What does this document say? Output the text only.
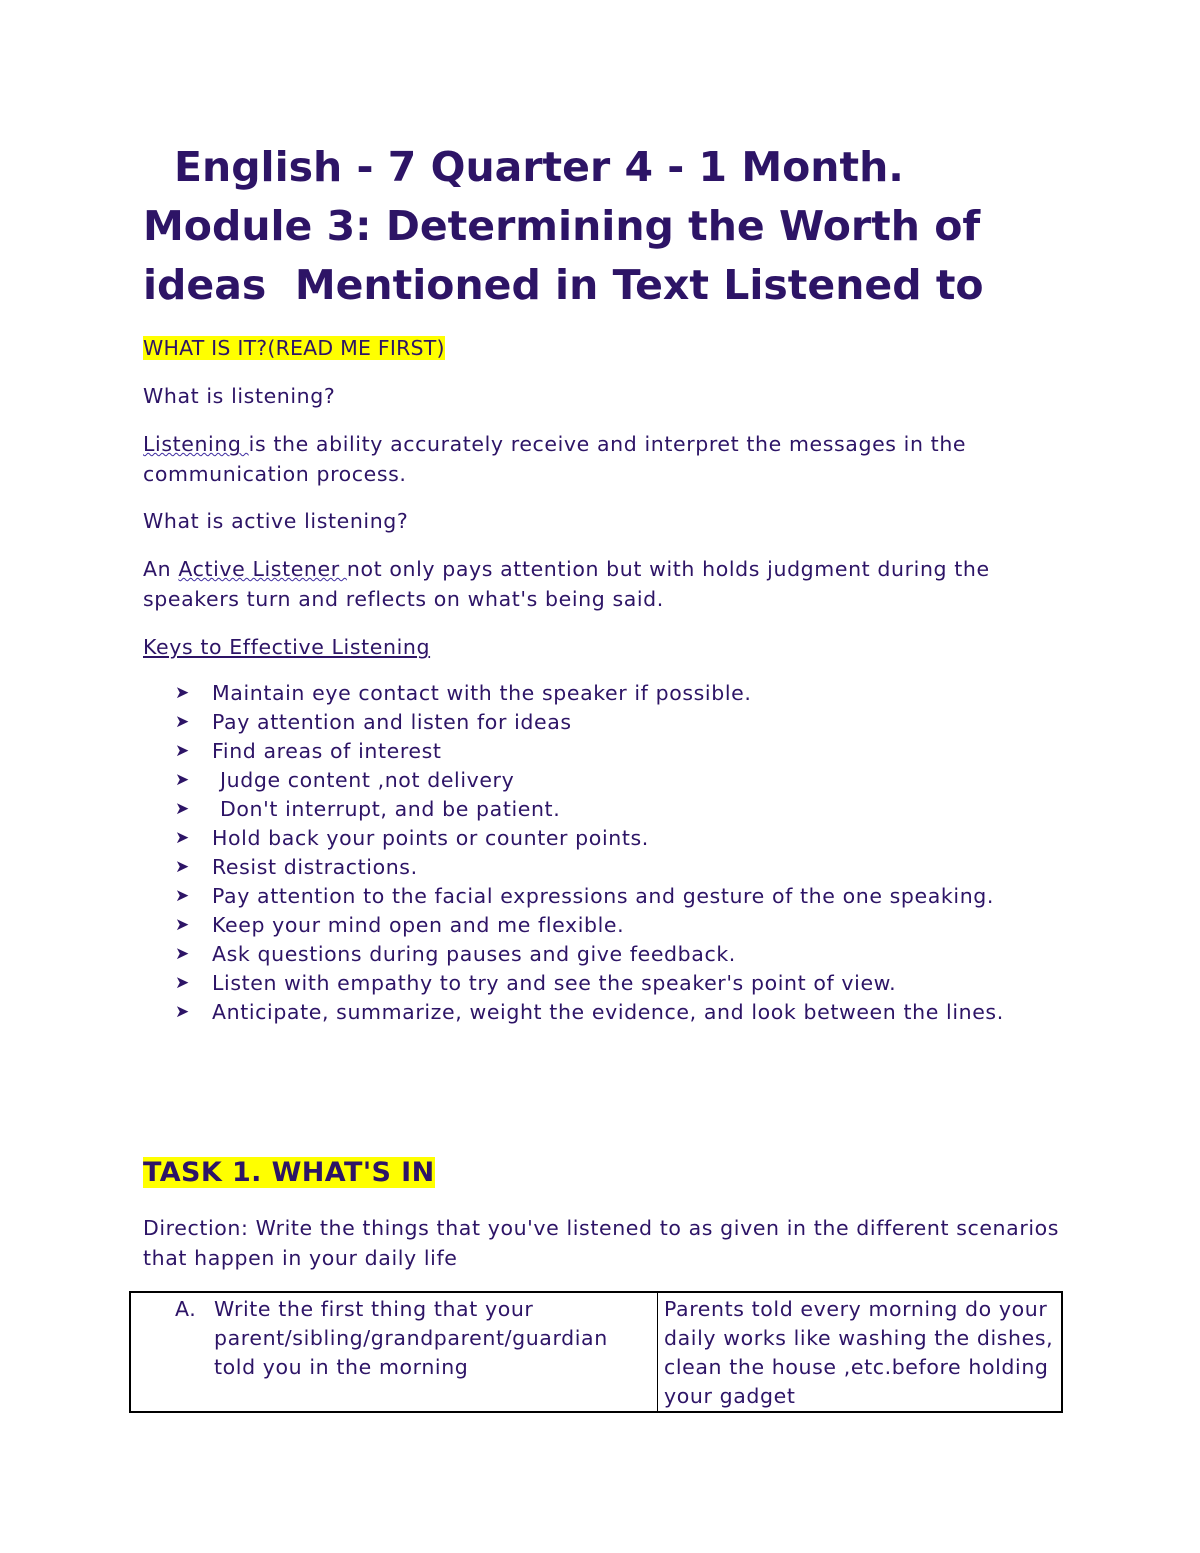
English - 7 Quarter 4 - 1 Month.
Module 3: Determining the Worth of
ideas  Mentioned in Text Listened to

WHAT IS IT?(READ ME FIRST)

What is listening?

Listening is the ability accurately receive and interpret the messages in the communication process.

What is active listening?

An Active Listener not only pays attention but with holds judgment during the speakers turn and reflects on what's being said.

Keys to Effective Listening

➤ Maintain eye contact with the speaker if possible.
➤ Pay attention and listen for ideas
➤ Find areas of interest
➤ Judge content ,not delivery
➤ Don't interrupt, and be patient.
➤ Hold back your points or counter points.
➤ Resist distractions.
➤ Pay attention to the facial expressions and gesture of the one speaking.
➤ Keep your mind open and me flexible.
➤ Ask questions during pauses and give feedback.
➤ Listen with empathy to try and see the speaker's point of view.
➤ Anticipate, summarize, weight the evidence, and look between the lines.
TASK 1. WHAT'S IN

Direction: Write the things that you've listened to as given in the different scenarios that happen in your daily life

A. Write the first thing that your parent/sibling/grandparent/guardian told you in the morning
	Parents told every morning do your daily works like washing the dishes, clean the house ,etc.before holding your gadget
